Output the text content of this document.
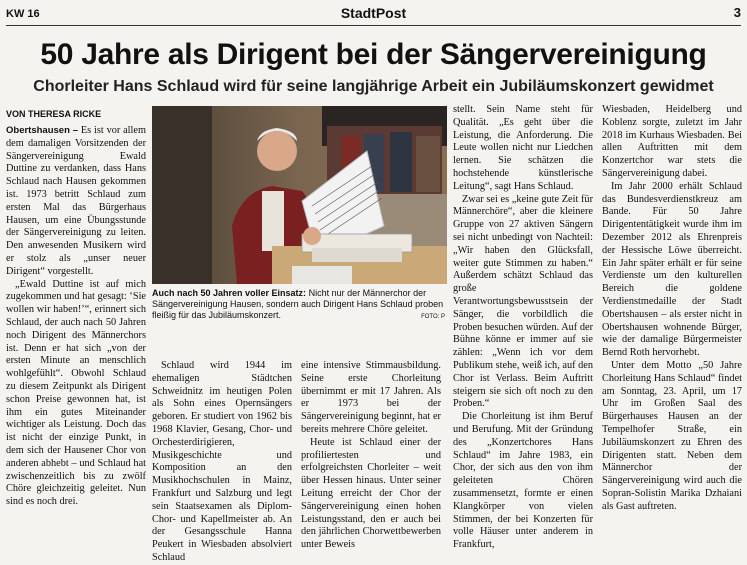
KW 16	StadtPost	3
50 Jahre als Dirigent bei der Sängervereinigung
Chorleiter Hans Schlaud wird für seine langjährige Arbeit ein Jubiläumskonzert gewidmet
VON THERESA RICKE

Obertshausen – Es ist vor allem dem damaligen Vorsitzenden der Sängervereinigung Ewald Duttine zu verdanken, dass Hans Schlaud nach Hausen gekommen ist. 1973 betritt Schlaud zum ersten Mal das Bürgerhaus Hausen, um eine Übungsstunde der Sängervereinigung zu leiten. Den anwesenden Musikern wird er stolz als „unser neuer Dirigent“ vorgestellt.

„Ewald Duttine ist auf mich zugekommen und hat gesagt: ‘Sie wollen wir haben!’“, erinnert sich Schlaud, der auch nach 50 Jahren noch Dirigent des Männerchors ist. Denn er hat sich „von der ersten Minute an menschlich wohlgefühlt“. Obwohl Schlaud zu diesem Zeitpunkt als Dirigent schon Preise gewonnen hat, ist ihm ein gutes Miteinander wichtiger als Leistung. Doch das ist nicht der einzige Punkt, in dem sich der Hausener Chor von anderen abhebt – und Schlaud hat zwischenzeitlich bis zu zwölf Chöre gleichzeitig geleitet. Nun sind es noch drei.

Auch nach 50 Jahren voller Einsatz: Nicht nur der Männerchor der Sängervereinigung Hausen, sondern auch Dirigent Hans Schlaud proben fleißig für das Jubiläumskonzert.	FOTO: P

Schlaud wird 1944 im ehemaligen Städtchen Schweidnitz im heutigen Polen als Sohn eines Opernsängers geboren. Er studiert von 1962 bis 1968 Klavier, Gesang, Chor- und Orchesterdirigieren, Musikgeschichte und Komposition an den Musikhochschulen in Mainz, Frankfurt und Salzburg und legt sein Staatsexamen als Diplom-Chor- und Kapellmeister ab. An der Gesangsschule Hanna Peukert in Wiesbaden absolviert Schlaud

eine intensive Stimmausbildung. Seine erste Chorleitung übernimmt er mit 17 Jahren. Als er 1973 bei der Sängervereinigung beginnt, hat er bereits mehrere Chöre geleitet.

Heute ist Schlaud einer der profiliertesten und erfolgreichsten Chorleiter – weit über Hessen hinaus. Unter seiner Leitung erreicht der Chor der Sängervereinigung einen hohen Leistungsstand, den er auch bei den jährlichen Chorwettbewerben unter Beweis

stellt. Sein Name steht für Qualität. „Es geht über die Leistung, die Anforderung. Die Leute wollen nicht nur Liedchen lernen. Sie schätzen die hochstehende künstlerische Leitung“, sagt Hans Schlaud.

Zwar sei es „keine gute Zeit für Männerchöre“, aber die kleinere Gruppe von 27 aktiven Sängern sei nicht unbedingt von Nachteil: „Wir haben den Glücksfall, weiter gute Stimmen zu haben.“ Außerdem schätzt Schlaud das große Verantwortungsbewusstsein der Sänger, die vorbildlich die Proben besuchen würden. Auf der Bühne könne er immer auf sie zählen: „Wenn ich vor dem Publikum stehe, weiß ich, auf den Chor ist Verlass. Beim Auftritt steigern sie sich oft noch zu den Proben.“

Die Chorleitung ist ihm Beruf und Berufung. Mit der Gründung des „Konzertchores Hans Schlaud“ im Jahre 1983, ein Chor, der sich aus den von ihm geleiteten Chören zusammensetzt, formte er einen Klangkörper von vielen Stimmen, der bei Konzerten für volle Häuser unter anderem in Frankfurt,

Wiesbaden, Heidelberg und Koblenz sorgte, zuletzt im Jahr 2018 im Kurhaus Wiesbaden. Bei allen Auftritten mit dem Konzertchor war stets die Sängervereinigung dabei.

Im Jahr 2000 erhält Schlaud das Bundesverdienstkreuz am Bande. Für 50 Jahre Dirigententätigkeit wurde ihm im Dezember 2012 als Ehrenpreis der Hessische Löwe überreicht. Ein Jahr später erhält er für seine Verdienste um den kulturellen Bereich die goldene Verdienstmedaille der Stadt Obertshausen – als erster nicht in Obertshausen wohnende Bürger, wie der damalige Bürgermeister Bernd Roth hervorhebt.

Unter dem Motto „50 Jahre Chorleitung Hans Schlaud“ findet am Sonntag, 23. April, um 17 Uhr im Großen Saal des Bürgerhauses Hausen an der Tempelhofer Straße, ein Jubiläumskonzert zu Ehren des Dirigenten statt. Neben dem Männerchor der Sängervereinigung wird auch die Sopran-Solistin Marika Dzhaiani als Gast auftreten.
